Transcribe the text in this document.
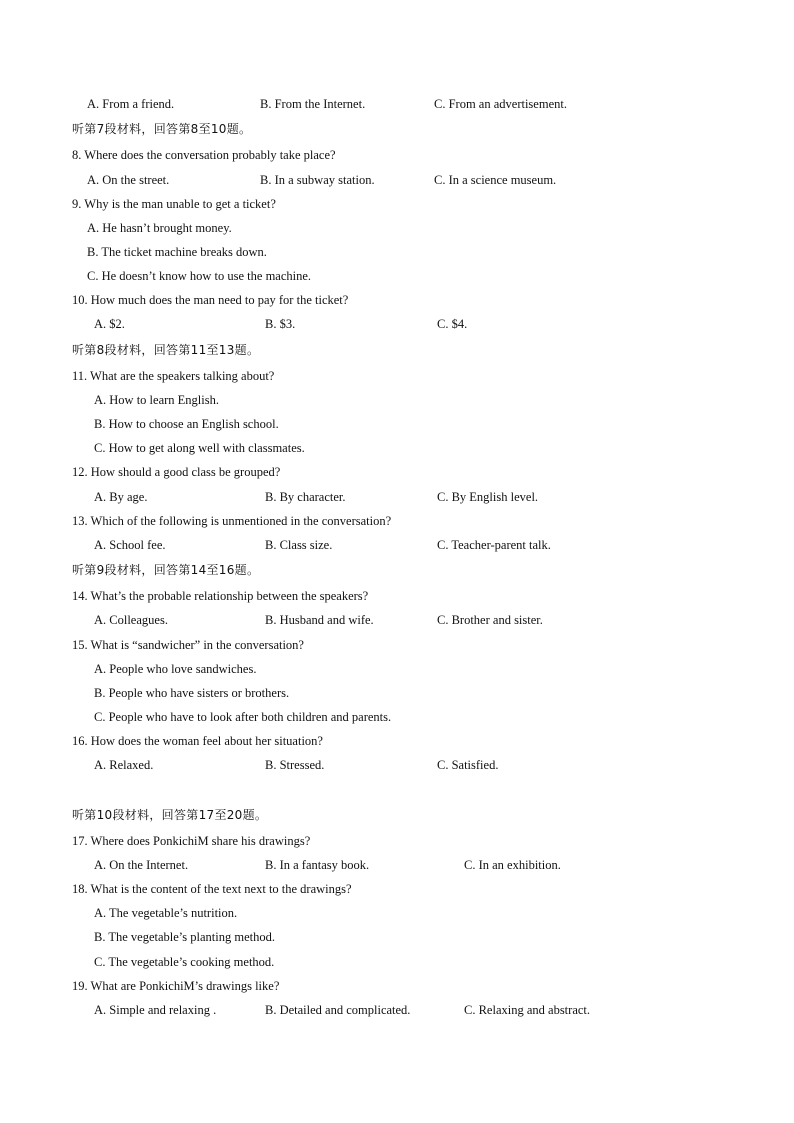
A. From a friend.	B. From the Internet.	C. From an advertisement.
听第7段材料，回答第8至10题。
8. Where does the conversation probably take place?
A. On the street.	B. In a subway station.	C. In a science museum.
9. Why is the man unable to get a ticket?
A. He hasn’t brought money.
B. The ticket machine breaks down.
C. He doesn’t know how to use the machine.
10. How much does the man need to pay for the ticket?
A. $2.	B. $3.	C. $4.
听第8段材料，回答第11至13题。
11. What are the speakers talking about?
A. How to learn English.
B. How to choose an English school.
C. How to get along well with classmates.
12. How should a good class be grouped?
A. By age.	B. By character.	C. By English level.
13. Which of the following is unmentioned in the conversation?
A. School fee.	B. Class size.	C. Teacher-parent talk.
听第9段材料，回答第14至16题。
14. What’s the probable relationship between the speakers?
A. Colleagues.	B. Husband and wife.	C. Brother and sister.
15. What is “sandwicher” in the conversation?
A. People who love sandwiches.
B. People who have sisters or brothers.
C. People who have to look after both children and parents.
16. How does the woman feel about her situation?
A. Relaxed.	B. Stressed.	C. Satisfied.
听第10段材料，回答第17至20题。
17. Where does PonkichiM share his drawings?
A. On the Internet.	B. In a fantasy book.	C. In an exhibition.
18. What is the content of the text next to the drawings?
A. The vegetable’s nutrition.
B. The vegetable’s planting method.
C. The vegetable’s cooking method.
19. What are PonkichiM’s drawings like?
A. Simple and relaxing .	B. Detailed and complicated.	C. Relaxing and abstract.
